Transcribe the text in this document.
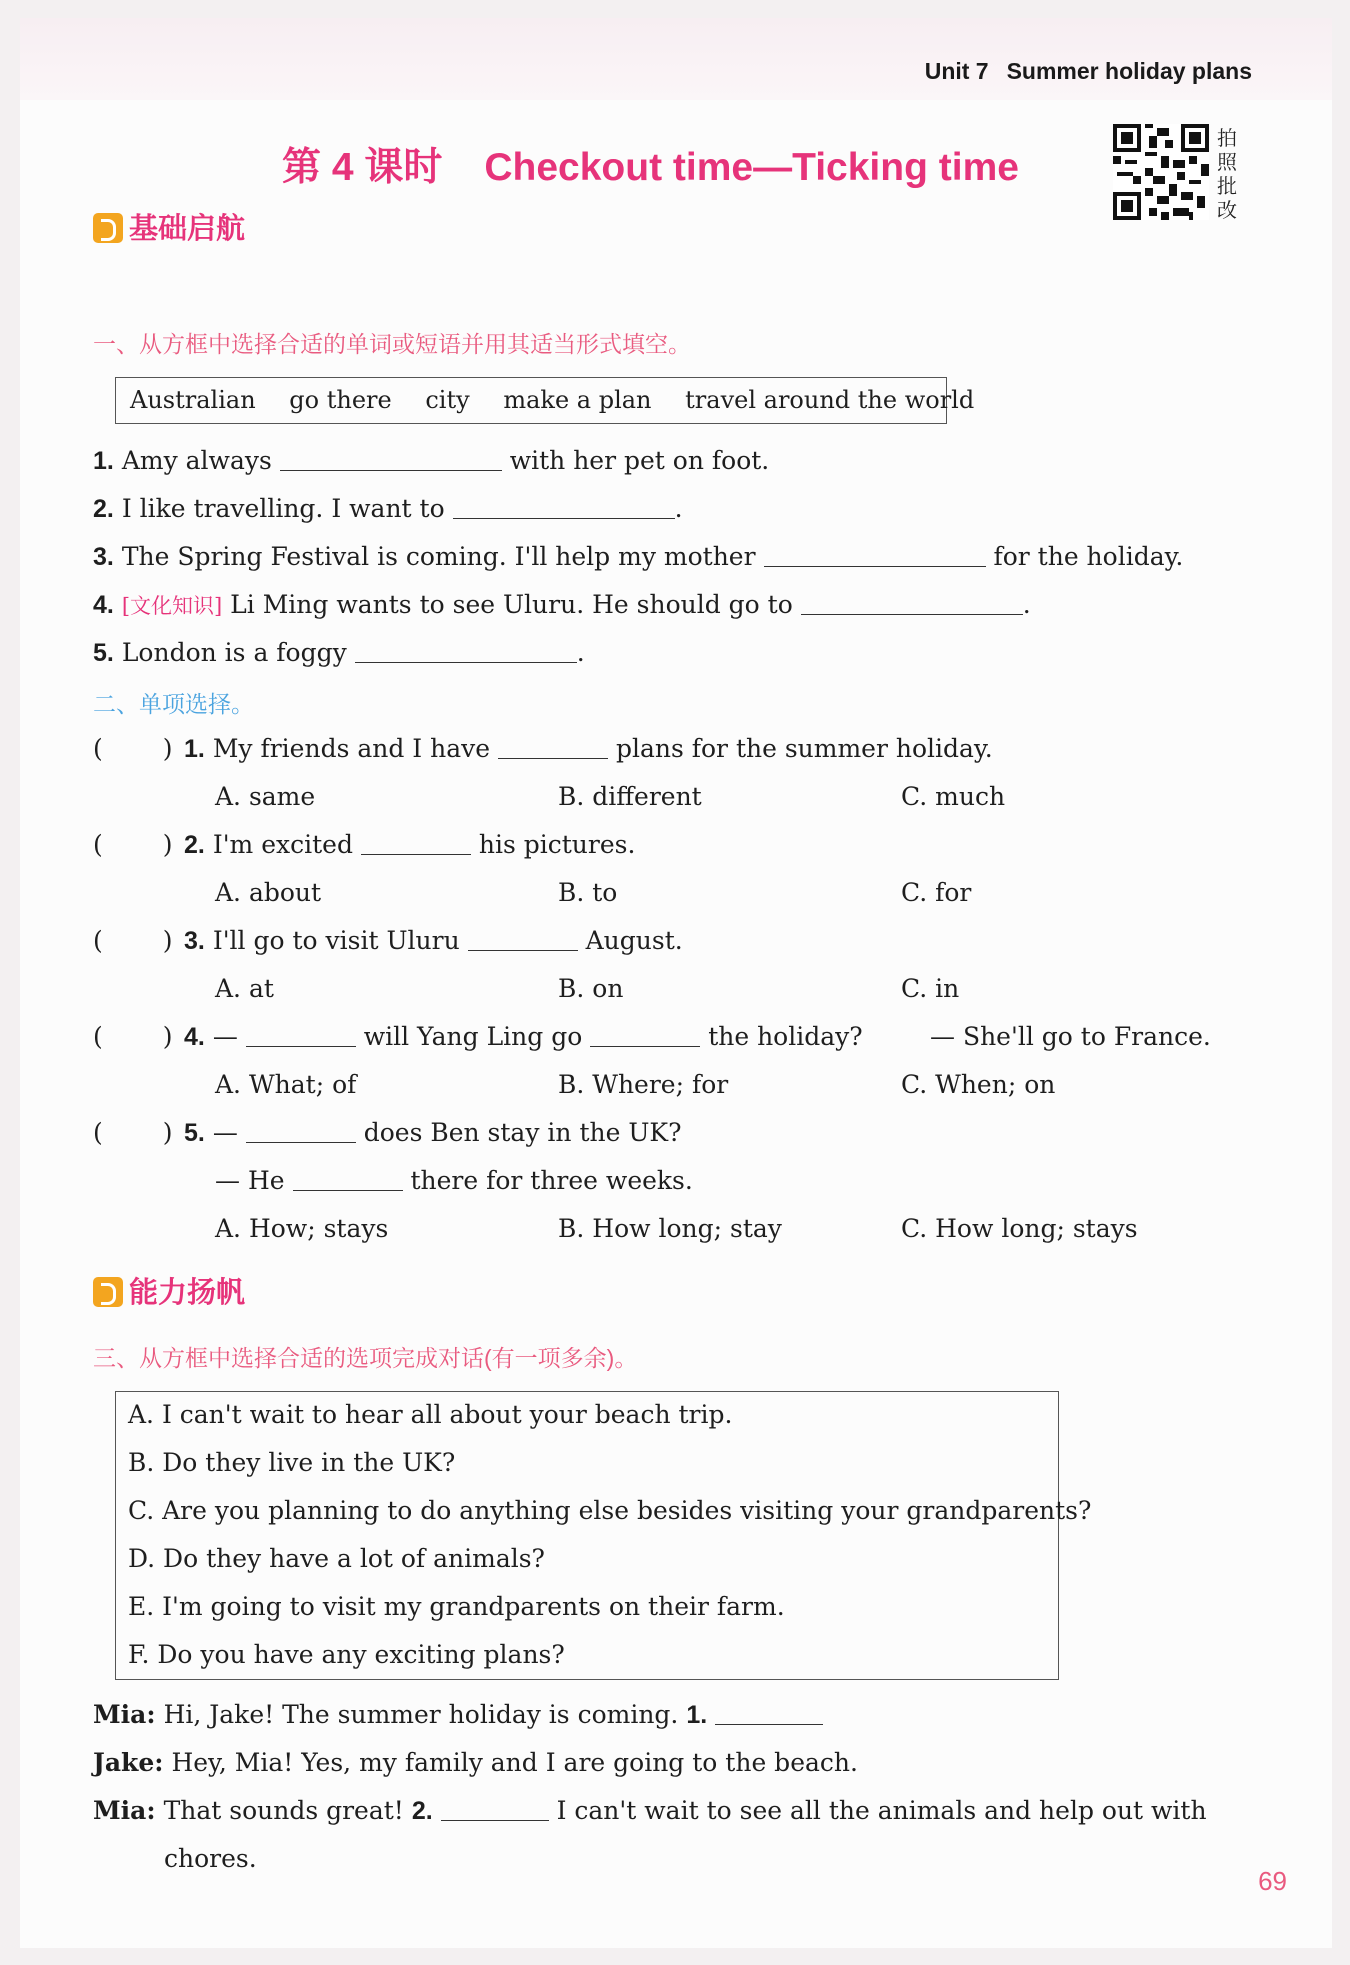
Unit 7 Summer holiday plans
第 4 课时 Checkout time—Ticking time
拍照批改
基础启航
一、从方框中选择合适的单词或短语并用其适当形式填空。
Australian go there city make a plan travel around the world
1. Amy always	with her pet on foot.
2. I like travelling. I want to	.
3. The Spring Festival is coming. I'll help my mother	for the holiday.
4. [文化知识] Li Ming wants to see Uluru. He should go to	.
5. London is a foggy	.
二、单项选择。
( ) 1. My friends and I have	plans for the summer holiday.
A. same	B. different	C. much
( ) 2. I'm excited	his pictures.
A. about	B. to	C. for
( ) 3. I'll go to visit Uluru	August.
A. at	B. on	C. in
( ) 4. —	will Yang Ling go	the holiday?	— She'll go to France.
A. What; of	B. Where; for	C. When; on
( ) 5. —	does Ben stay in the UK?
— He	there for three weeks.
A. How; stays	B. How long; stay	C. How long; stays
能力扬帆
三、从方框中选择合适的选项完成对话(有一项多余)。
A. I can't wait to hear all about your beach trip.
B. Do they live in the UK?
C. Are you planning to do anything else besides visiting your grandparents?
D. Do they have a lot of animals?
E. I'm going to visit my grandparents on their farm.
F. Do you have any exciting plans?
Mia: Hi, Jake! The summer holiday is coming. 1.
Jake: Hey, Mia! Yes, my family and I are going to the beach.
Mia: That sounds great! 2.	I can't wait to see all the animals and help out with
chores.
69
